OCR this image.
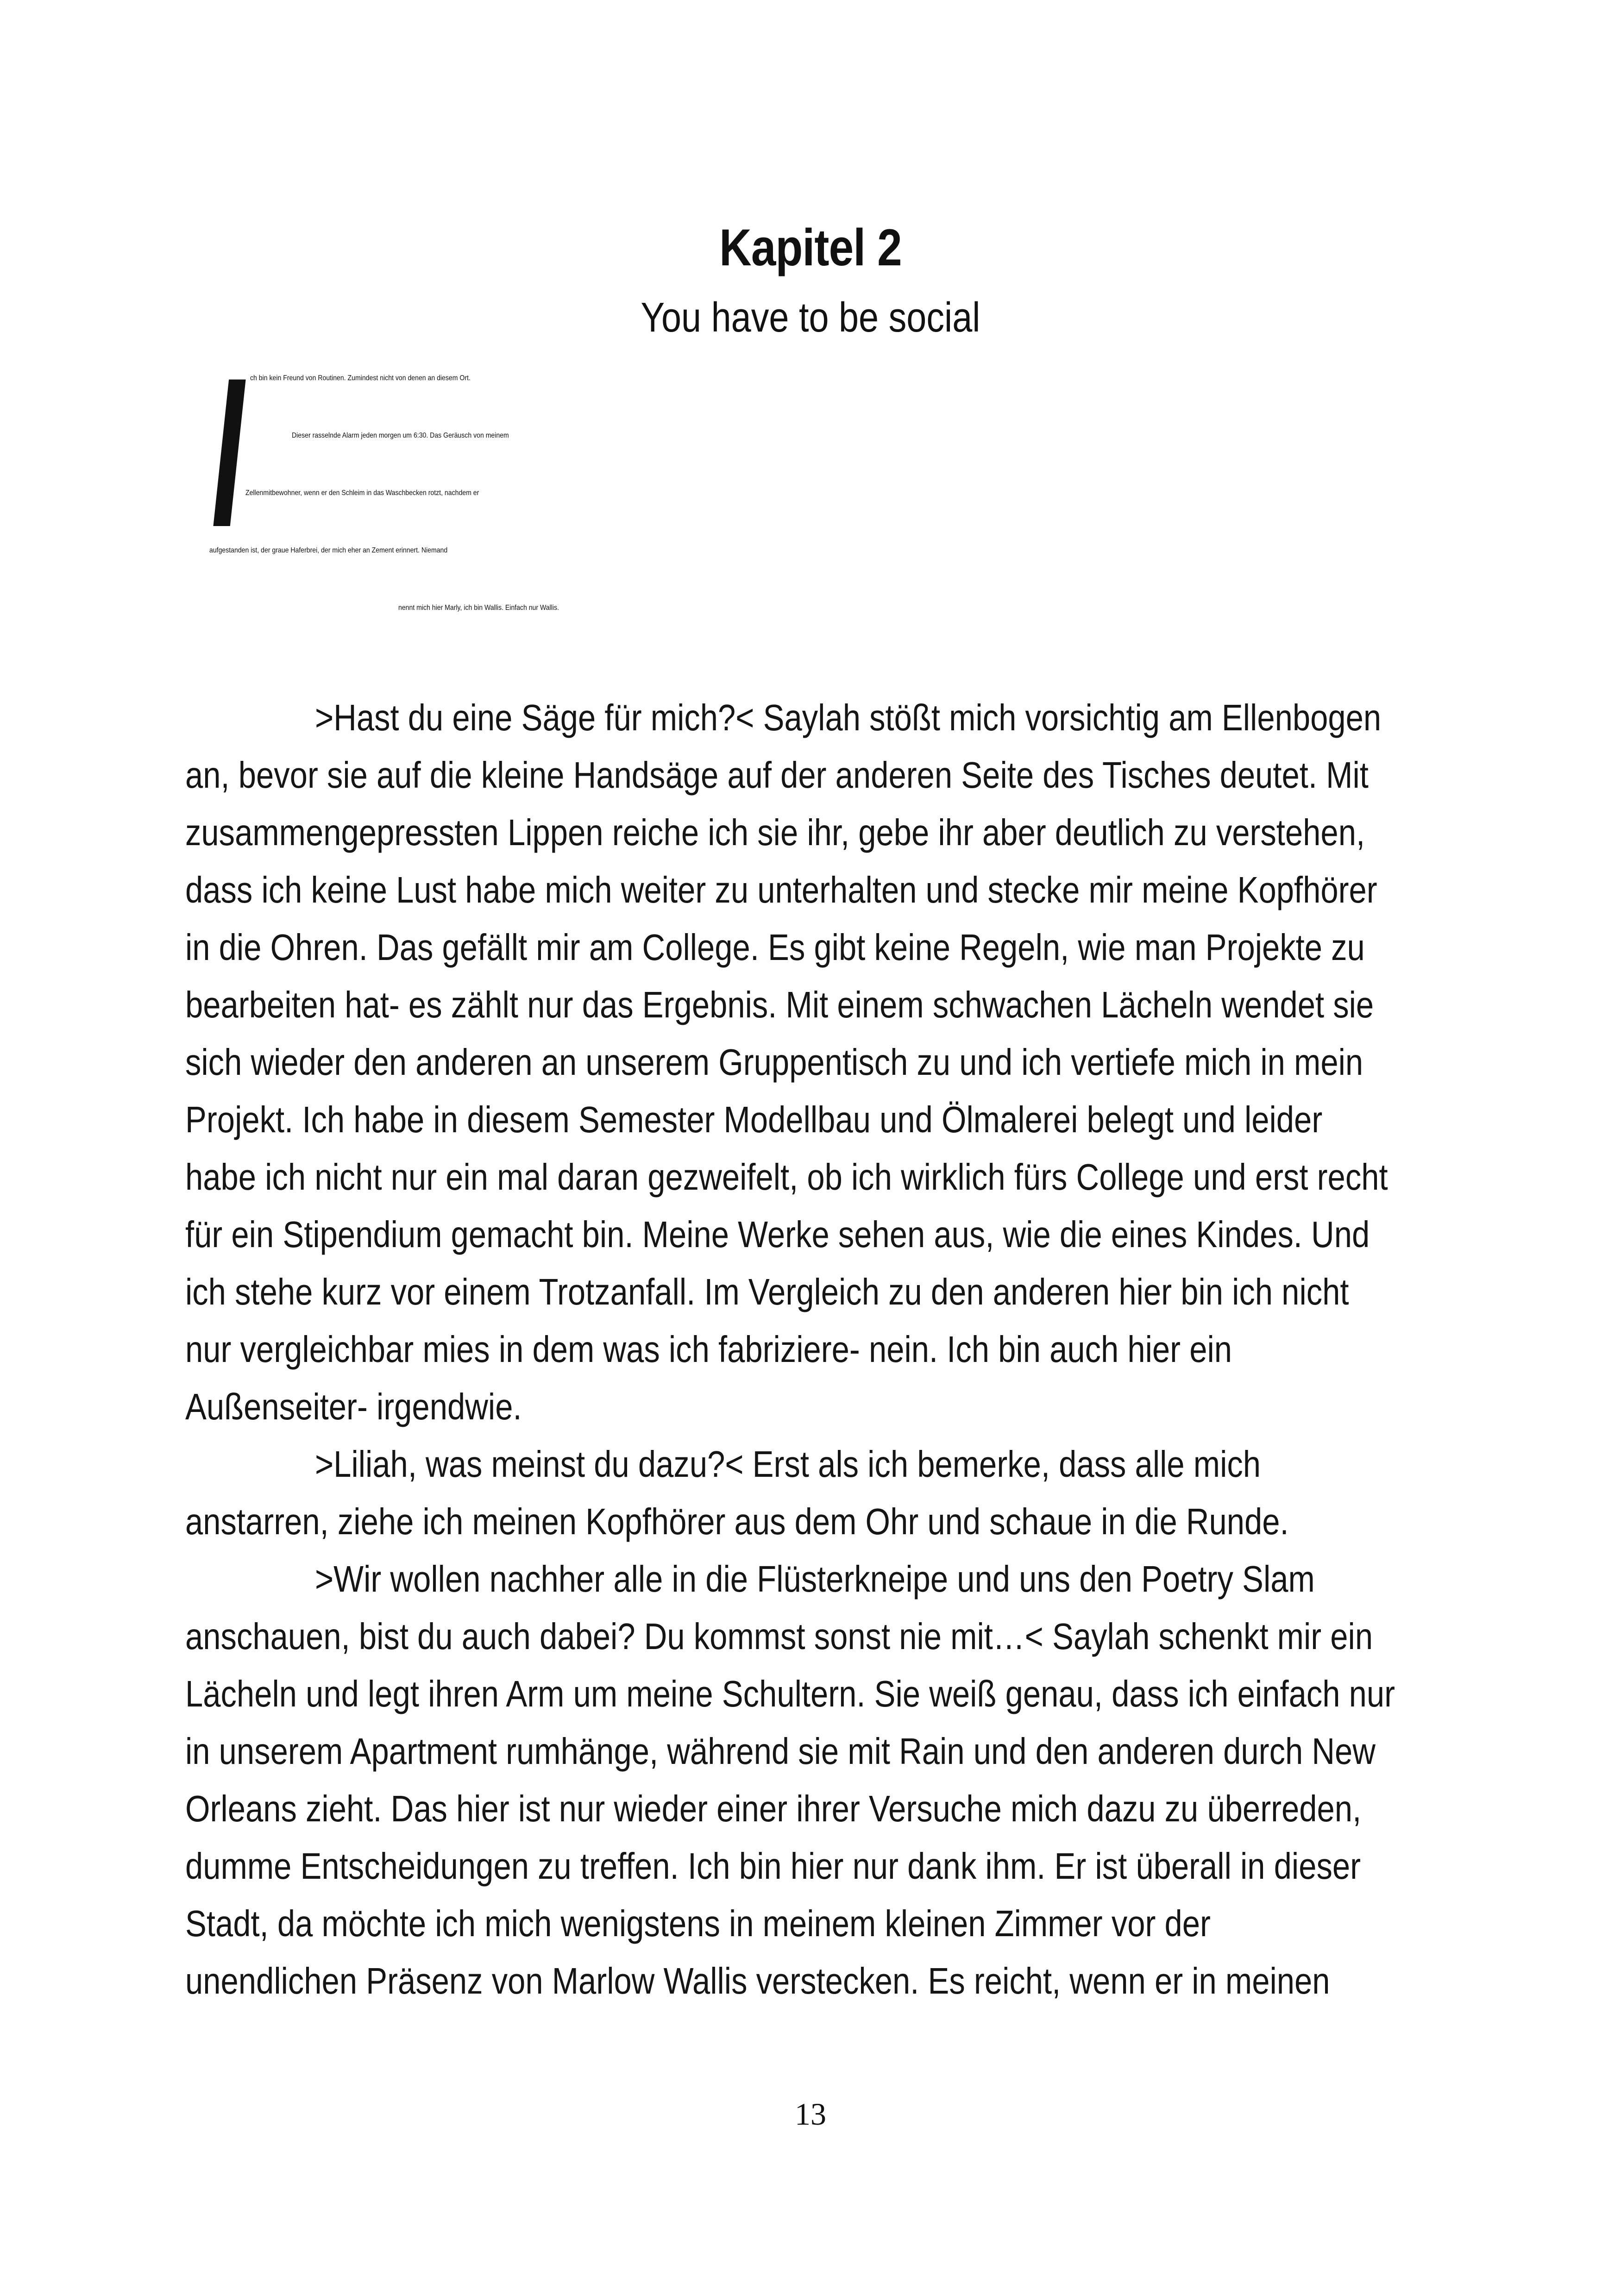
Kapitel 2
You have to be social
I ch bin kein Freund von Routinen. Zumindest nicht von denen an diesem Ort.
Dieser rasselnde Alarm jeden morgen um 6:30. Das Geräusch von meinem
Zellenmitbewohner, wenn er den Schleim in das Waschbecken rotzt, nachdem er
aufgestanden ist, der graue Haferbrei, der mich eher an Zement erinnert. Niemand
nennt mich hier Marly, ich bin Wallis. Einfach nur Wallis.
>Hast du eine Säge für mich?< Saylah stößt mich vorsichtig am Ellenbogen
an, bevor sie auf die kleine Handsäge auf der anderen Seite des Tisches deutet. Mit
zusammengepressten Lippen reiche ich sie ihr, gebe ihr aber deutlich zu verstehen,
dass ich keine Lust habe mich weiter zu unterhalten und stecke mir meine Kopfhörer
in die Ohren. Das gefällt mir am College. Es gibt keine Regeln, wie man Projekte zu
bearbeiten hat- es zählt nur das Ergebnis. Mit einem schwachen Lächeln wendet sie
sich wieder den anderen an unserem Gruppentisch zu und ich vertiefe mich in mein
Projekt. Ich habe in diesem Semester Modellbau und Ölmalerei belegt und leider
habe ich nicht nur ein mal daran gezweifelt, ob ich wirklich fürs College und erst recht
für ein Stipendium gemacht bin. Meine Werke sehen aus, wie die eines Kindes. Und
ich stehe kurz vor einem Trotzanfall. Im Vergleich zu den anderen hier bin ich nicht
nur vergleichbar mies in dem was ich fabriziere- nein. Ich bin auch hier ein
Außenseiter- irgendwie.
>Liliah, was meinst du dazu?< Erst als ich bemerke, dass alle mich
anstarren, ziehe ich meinen Kopfhörer aus dem Ohr und schaue in die Runde.
>Wir wollen nachher alle in die Flüsterkneipe und uns den Poetry Slam
anschauen, bist du auch dabei? Du kommst sonst nie mit…< Saylah schenkt mir ein
Lächeln und legt ihren Arm um meine Schultern. Sie weiß genau, dass ich einfach nur
in unserem Apartment rumhänge, während sie mit Rain und den anderen durch New
Orleans zieht. Das hier ist nur wieder einer ihrer Versuche mich dazu zu überreden,
dumme Entscheidungen zu treffen. Ich bin hier nur dank ihm. Er ist überall in dieser
Stadt, da möchte ich mich wenigstens in meinem kleinen Zimmer vor der
unendlichen Präsenz von Marlow Wallis verstecken. Es reicht, wenn er in meinen
13
